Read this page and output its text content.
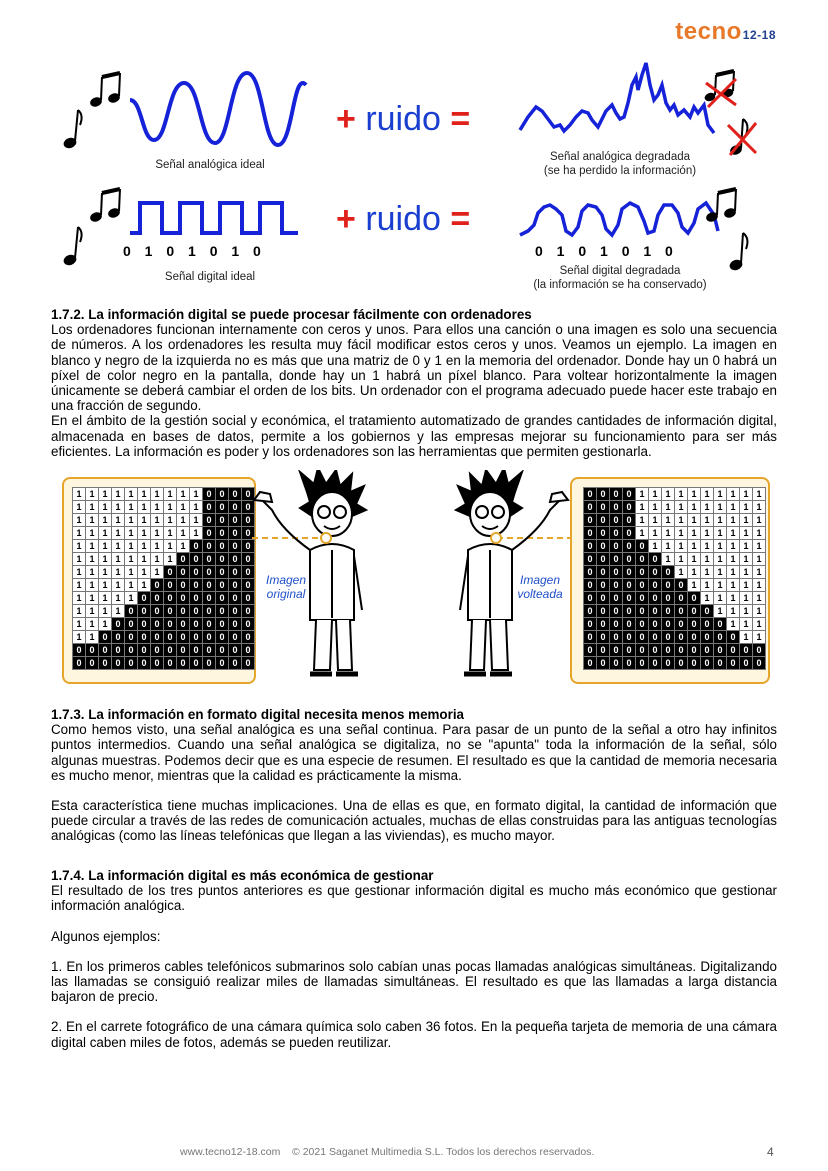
tecno12-18
+ ruido =
+ ruido =
Señal analógica ideal
Señal analógica degradada
(se ha perdido la información)
0 1 0 1 0 1 0	0 1 0 1 0 1 0
Señal digital ideal	Señal digital degradada
(la información se ha conservado)
1.7.2. La información digital se puede procesar fácilmente con ordenadores

Los ordenadores funcionan internamente con ceros y unos. Para ellos una canción o una imagen es solo una secuencia de números. A los ordenadores les resulta muy fácil modificar estos ceros y unos. Veamos un ejemplo. La imagen en blanco y negro de la izquierda no es más que una matriz de 0 y 1 en la memoria del ordenador. Donde hay un 0 habrá un píxel de color negro en la pantalla, donde hay un 1 habrá un píxel blanco. Para voltear horizontalmente la imagen únicamente se deberá cambiar el orden de los bits. Un ordenador con el programa adecuado puede hacer este trabajo en una fracción de segundo.

En el ámbito de la gestión social y económica, el tratamiento automatizado de grandes cantidades de información digital, almacenada en bases de datos, permite a los gobiernos y las empresas mejorar su funcionamiento para ser más eficientes. La información es poder y los ordenadores son las herramientas que permiten gestionarla.

1	1	1	1	1	1	1	1	1	1	0	0	0	0
1	1	1	1	1	1	1	1	1	1	0	0	0	0
1	1	1	1	1	1	1	1	1	1	0	0	0	0
1	1	1	1	1	1	1	1	1	1	0	0	0	0
1	1	1	1	1	1	1	1	1	0	0	0	0	0
1	1	1	1	1	1	1	1	0	0	0	0	0	0
1	1	1	1	1	1	1	0	0	0	0	0	0	0
1	1	1	1	1	1	0	0	0	0	0	0	0	0
1	1	1	1	1	0	0	0	0	0	0	0	0	0
1	1	1	1	0	0	0	0	0	0	0	0	0	0
1	1	1	0	0	0	0	0	0	0	0	0	0	0
1	1	0	0	0	0	0	0	0	0	0	0	0	0
0	0	0	0	0	0	0	0	0	0	0	0	0	0
0	0	0	0	0	0	0	0	0	0	0	0	0	0
0	0	0	0	1	1	1	1	1	1	1	1	1	1
0	0	0	0	1	1	1	1	1	1	1	1	1	1
0	0	0	0	1	1	1	1	1	1	1	1	1	1
0	0	0	0	1	1	1	1	1	1	1	1	1	1
0	0	0	0	0	1	1	1	1	1	1	1	1	1
0	0	0	0	0	0	1	1	1	1	1	1	1	1
0	0	0	0	0	0	0	1	1	1	1	1	1	1
0	0	0	0	0	0	0	0	1	1	1	1	1	1
0	0	0	0	0	0	0	0	0	1	1	1	1	1
0	0	0	0	0	0	0	0	0	0	1	1	1	1
0	0	0	0	0	0	0	0	0	0	0	1	1	1
0	0	0	0	0	0	0	0	0	0	0	0	1	1
0	0	0	0	0	0	0	0	0	0	0	0	0	0
0	0	0	0	0	0	0	0	0	0	0	0	0	0
Imagen
original
Imagen
volteada
1.7.3. La información en formato digital necesita menos memoria

Como hemos visto, una señal analógica es una señal continua. Para pasar de un punto de la señal a otro hay infinitos puntos intermedios. Cuando una señal analógica se digitaliza, no se "apunta" toda la información de la señal, sólo algunas muestras. Podemos decir que es una especie de resumen. El resultado es que la cantidad de memoria necesaria es mucho menor, mientras que la calidad es prácticamente la misma.

Esta característica tiene muchas implicaciones. Una de ellas es que, en formato digital, la cantidad de información que puede circular a través de las redes de comunicación actuales, muchas de ellas construidas para las antiguas tecnologías analógicas (como las líneas telefónicas que llegan a las viviendas), es mucho mayor.

1.7.4. La información digital es más económica de gestionar

El resultado de los tres puntos anteriores es que gestionar información digital es mucho más económico que gestionar información analógica.

Algunos ejemplos:

1. En los primeros cables telefónicos submarinos solo cabían unas pocas llamadas analógicas simultáneas. Digitalizando las llamadas se consiguió realizar miles de llamadas simultáneas. El resultado es que las llamadas a larga distancia bajaron de precio.

2. En el carrete fotográfico de una cámara química solo caben 36 fotos. En la pequeña tarjeta de memoria de una cámara digital caben miles de fotos, además se pueden reutilizar.

www.tecno12-18.com    © 2021 Saganet Multimedia S.L. Todos los derechos reservados.	4
